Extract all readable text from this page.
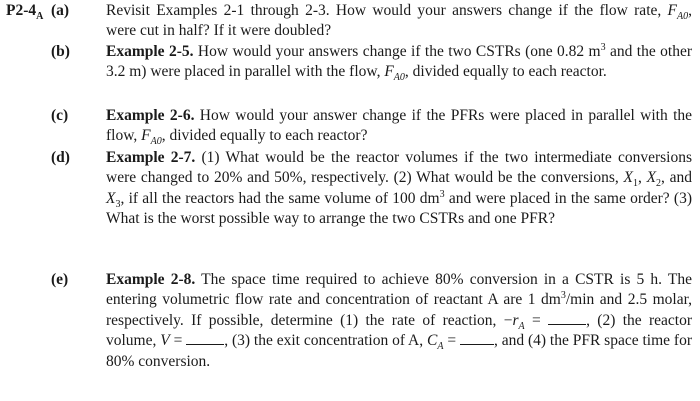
$P2-4_A$ (a)	Revisit Examples 2-1 through 2-3. How would your answers change if the flow rate, $F_{A0}$, were cut in half? If it were doubled?
(b)	Example 2-5. How would your answers change if the two CSTRs (one 0.82 $m^3$ and the other 3.2 m) were placed in parallel with the flow, $F_{A0}$, divided equally to each reactor.
(c)	Example 2-6. How would your answer change if the PFRs were placed in parallel with the flow, $F_{A0}$, divided equally to each reactor?
(d)	Example 2-7. (1) What would be the reactor volumes if the two intermediate conversions were changed to 20% and 50%, respectively. (2) What would be the conversions, $X_1$, $X_2$, and $X_3$, if all the reactors had the same volume of 100 $dm^3$ and were placed in the same order? (3) What is the worst possible way to arrange the two CSTRs and one PFR?
(e)	Example 2-8. The space time required to achieve 80% conversion in a CSTR is 5 h. The entering volumetric flow rate and concentration of reactant A are 1 $dm^3/\min$ and 2.5 molar, respectively. If possible, determine (1) the rate of reaction, $-r_A$ = , (2) the reactor volume, V = , (3) the exit concentration of A, $C_A$ = , and (4) the PFR space time for 80% conversion.
